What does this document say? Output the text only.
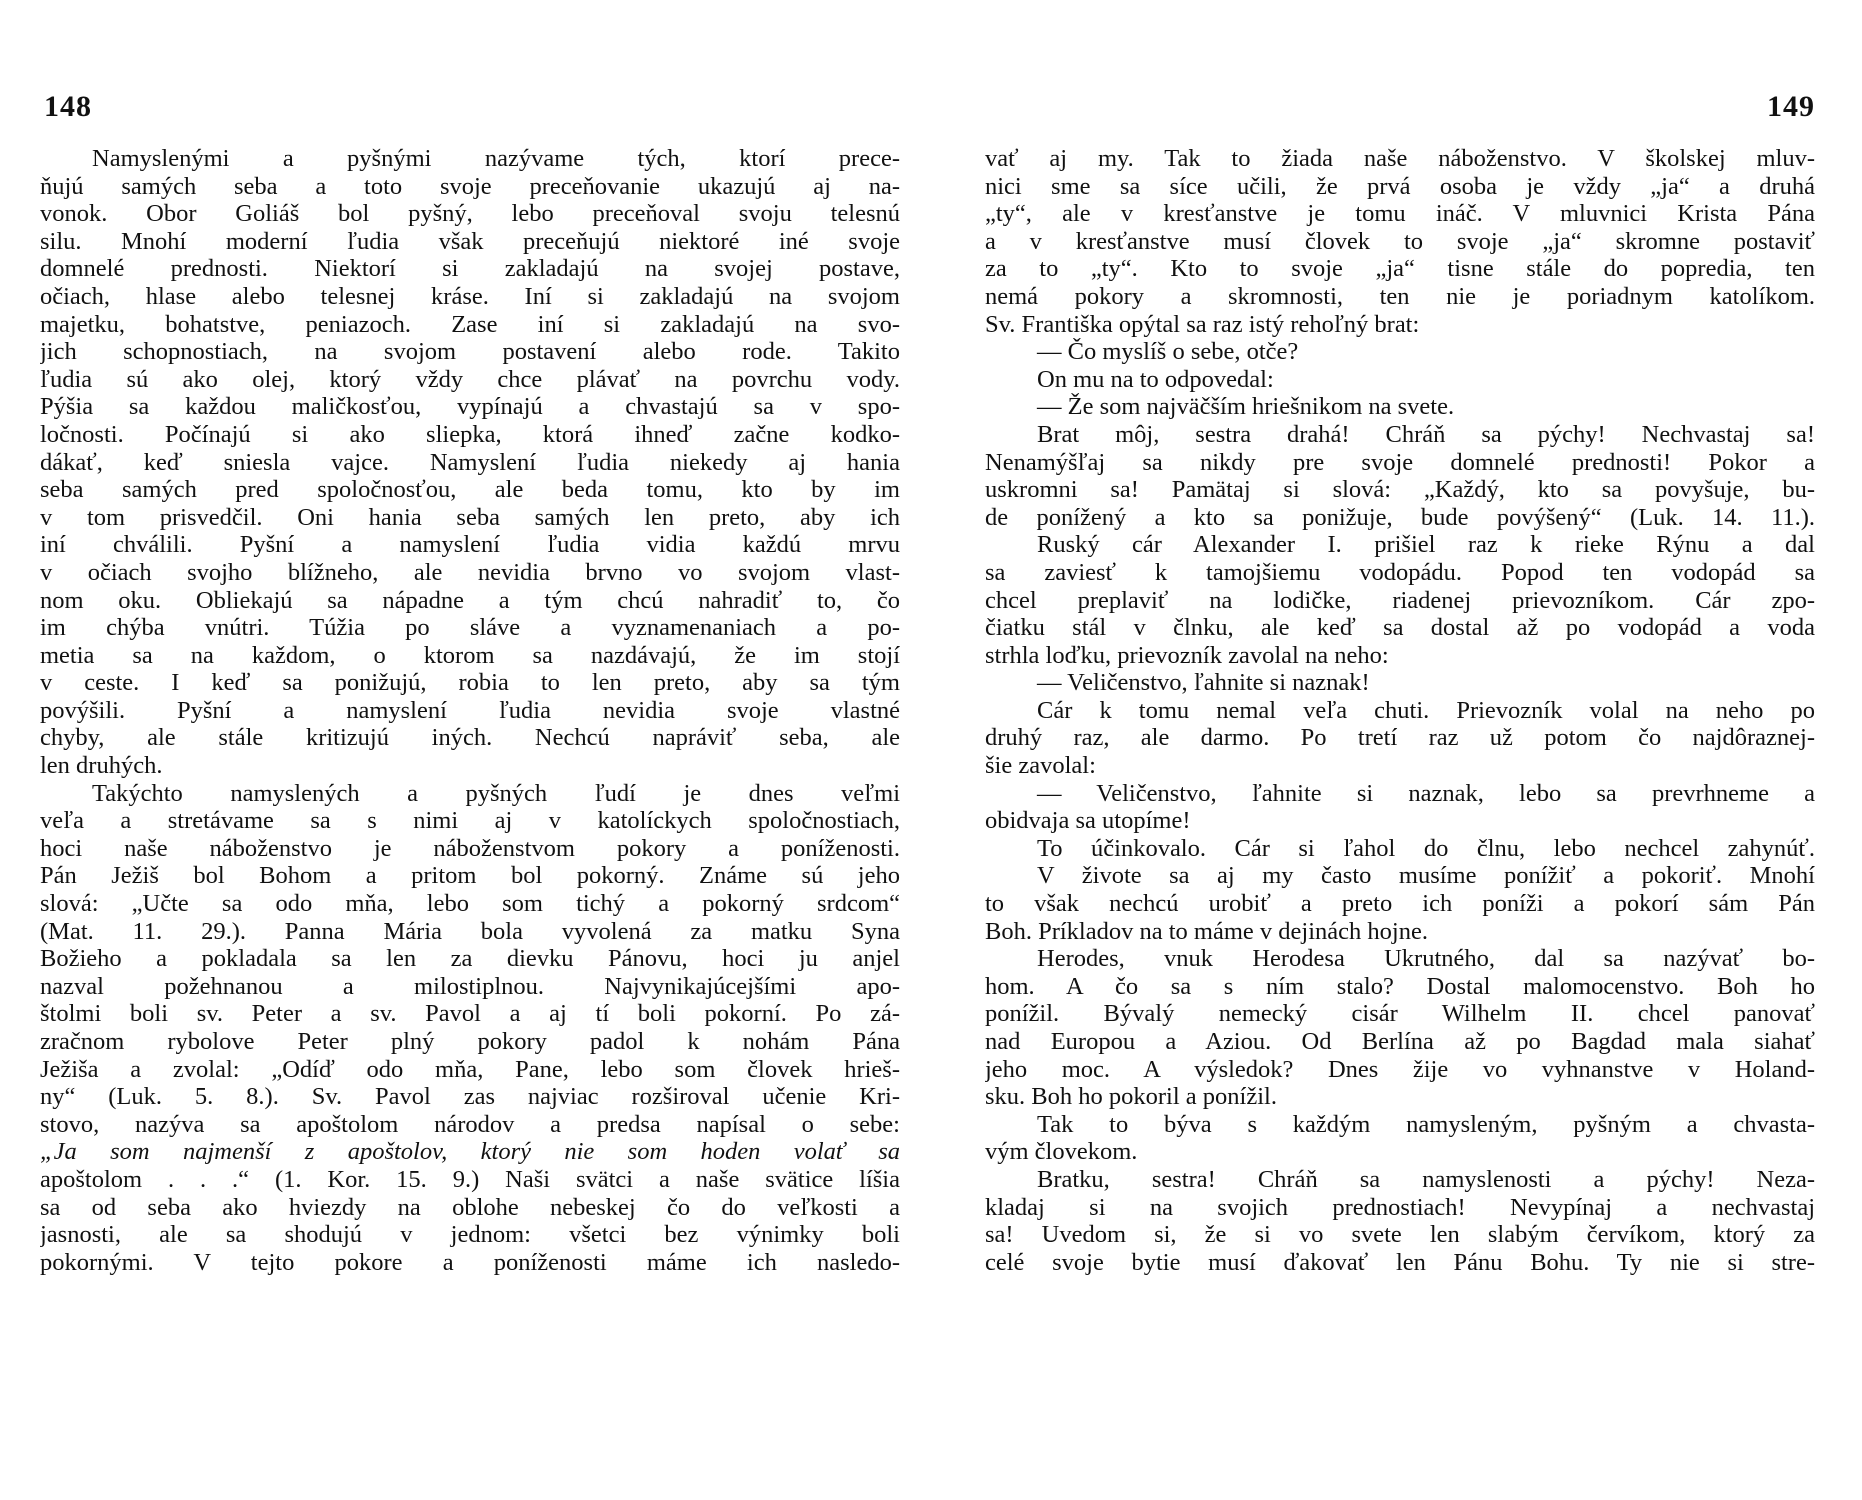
148
Namyslenými a pyšnými nazývame tých, ktorí prece-
ňujú samých seba a toto svoje preceňovanie ukazujú aj na-
vonok. Obor Goliáš bol pyšný, lebo preceňoval svoju telesnú
silu. Mnohí moderní ľudia však preceňujú niektoré iné svoje
domnelé prednosti. Niektorí si zakladajú na svojej postave,
očiach, hlase alebo telesnej kráse. Iní si zakladajú na svojom
majetku, bohatstve, peniazoch. Zase iní si zakladajú na svo-
jich schopnostiach, na svojom postavení alebo rode. Takito
ľudia sú ako olej, ktorý vždy chce plávať na povrchu vody.
Pýšia sa každou maličkosťou, vypínajú a chvastajú sa v spo-
ločnosti. Počínajú si ako sliepka, ktorá ihneď začne kodko-
dákať, keď sniesla vajce. Namyslení ľudia niekedy aj hania
seba samých pred spoločnosťou, ale beda tomu, kto by im
v tom prisvedčil. Oni hania seba samých len preto, aby ich
iní chválili. Pyšní a namyslení ľudia vidia každú mrvu
v očiach svojho blížneho, ale nevidia brvno vo svojom vlast-
nom oku. Obliekajú sa nápadne a tým chcú nahradiť to, čo
im chýba vnútri. Túžia po sláve a vyznamenaniach a po-
metia sa na každom, o ktorom sa nazdávajú, že im stojí
v ceste. I keď sa ponižujú, robia to len preto, aby sa tým
povýšili. Pyšní a namyslení ľudia nevidia svoje vlastné
chyby, ale stále kritizujú iných. Nechcú napráviť seba, ale
len druhých.
Takýchto namyslených a pyšných ľudí je dnes veľmi
veľa a stretávame sa s nimi aj v katolíckych spoločnostiach,
hoci naše náboženstvo je náboženstvom pokory a poníženosti.
Pán Ježiš bol Bohom a pritom bol pokorný. Známe sú jeho
slová: „Učte sa odo mňa, lebo som tichý a pokorný srdcom“
(Mat. 11. 29.). Panna Mária bola vyvolená za matku Syna
Božieho a pokladala sa len za dievku Pánovu, hoci ju anjel
nazval požehnanou a milostiplnou. Najvynikajúcejšími apo-
štolmi boli sv. Peter a sv. Pavol a aj tí boli pokorní. Po zá-
zračnom rybolove Peter plný pokory padol k nohám Pána
Ježiša a zvolal: „Odíď odo mňa, Pane, lebo som človek hrieš-
ny“ (Luk. 5. 8.). Sv. Pavol zas najviac rozširoval učenie Kri-
stovo, nazýva sa apoštolom národov a predsa napísal o sebe:
„Ja som najmenší z apoštolov, ktorý nie som hoden volať sa
apoštolom . . .“ (1. Kor. 15. 9.) Naši svätci a naše svätice líšia
sa od seba ako hviezdy na oblohe nebeskej čo do veľkosti a
jasnosti, ale sa shodujú v jednom: všetci bez výnimky boli
pokornými. V tejto pokore a poníženosti máme ich nasledo-
149
vať aj my. Tak to žiada naše náboženstvo. V školskej mluv-
nici sme sa síce učili, že prvá osoba je vždy „ja“ a druhá
„ty“, ale v kresťanstve je tomu ináč. V mluvnici Krista Pána
a v kresťanstve musí človek to svoje „ja“ skromne postaviť
za to „ty“. Kto to svoje „ja“ tisne stále do popredia, ten
nemá pokory a skromnosti, ten nie je poriadnym katolíkom.
Sv. Františka opýtal sa raz istý rehoľný brat:
— Čo myslíš o sebe, otče?
On mu na to odpovedal:
— Že som najväčším hriešnikom na svete.
Brat môj, sestra drahá! Chráň sa pýchy! Nechvastaj sa!
Nenamýšľaj sa nikdy pre svoje domnelé prednosti! Pokor a
uskromni sa! Pamätaj si slová: „Každý, kto sa povyšuje, bu-
de ponížený a kto sa ponižuje, bude povýšený“ (Luk. 14. 11.).
Ruský cár Alexander I. prišiel raz k rieke Rýnu a dal
sa zaviesť k tamojšiemu vodopádu. Popod ten vodopád sa
chcel preplaviť na lodičke, riadenej prievozníkom. Cár zpo-
čiatku stál v člnku, ale keď sa dostal až po vodopád a voda
strhla loďku, prievozník zavolal na neho:
— Veličenstvo, ľahnite si naznak!
Cár k tomu nemal veľa chuti. Prievozník volal na neho po
druhý raz, ale darmo. Po tretí raz už potom čo najdôraznej-
šie zavolal:
— Veličenstvo, ľahnite si naznak, lebo sa prevrhneme a
obidvaja sa utopíme!
To účinkovalo. Cár si ľahol do člnu, lebo nechcel zahynúť.
V živote sa aj my často musíme ponížiť a pokoriť. Mnohí
to však nechcú urobiť a preto ich poníži a pokorí sám Pán
Boh. Príkladov na to máme v dejinách hojne.
Herodes, vnuk Herodesa Ukrutného, dal sa nazývať bo-
hom. A čo sa s ním stalo? Dostal malomocenstvo. Boh ho
ponížil. Bývalý nemecký cisár Wilhelm II. chcel panovať
nad Europou a Aziou. Od Berlína až po Bagdad mala siahať
jeho moc. A výsledok? Dnes žije vo vyhnanstve v Holand-
sku. Boh ho pokoril a ponížil.
Tak to býva s každým namysleným, pyšným a chvasta-
vým človekom.
Bratku, sestra! Chráň sa namyslenosti a pýchy! Neza-
kladaj si na svojich prednostiach! Nevypínaj a nechvastaj
sa! Uvedom si, že si vo svete len slabým červíkom, ktorý za
celé svoje bytie musí ďakovať len Pánu Bohu. Ty nie si stre-
